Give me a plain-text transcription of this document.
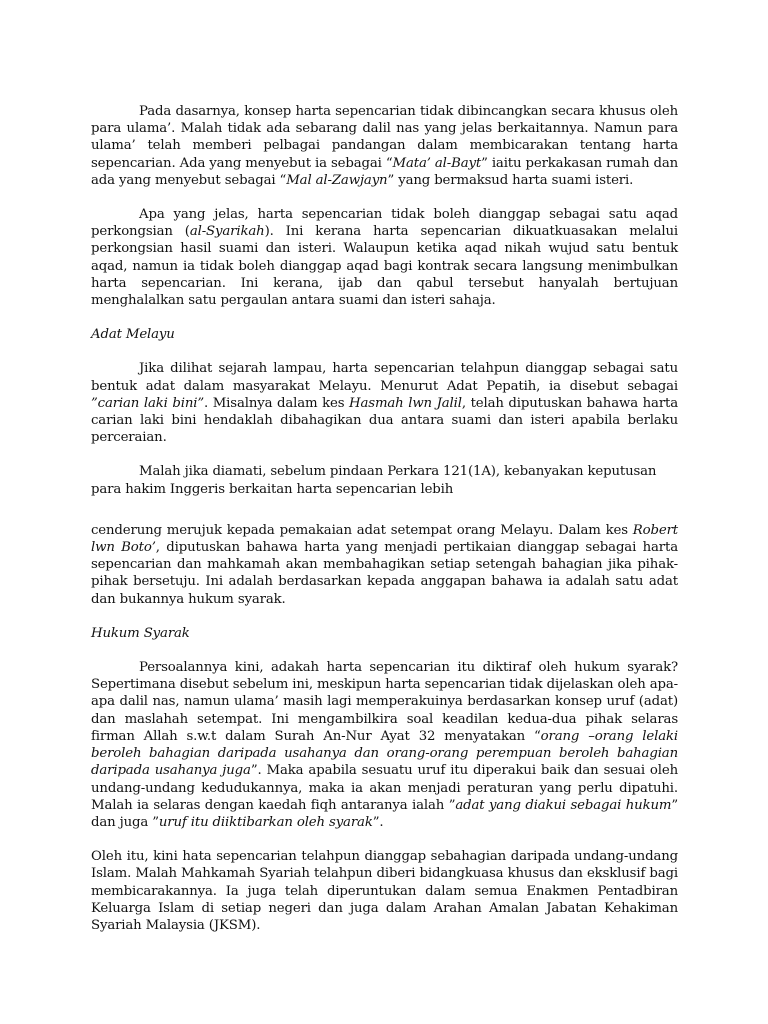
Pada dasarnya, konsep harta sepencarian tidak dibincangkan secara khusus oleh para ulama’. Malah tidak ada sebarang dalil nas yang jelas berkaitannya. Namun para ulama’ telah memberi pelbagai pandangan dalam membicarakan tentang harta sepencarian. Ada yang menyebut ia sebagai “Mata’ al-Bayt” iaitu perkakasan rumah dan ada yang menyebut sebagai “Mal al-Zawjayn” yang bermaksud harta suami isteri.

Apa yang jelas, harta sepencarian tidak boleh dianggap sebagai satu aqad perkongsian (al-Syarikah). Ini kerana harta sepencarian dikuatkuasakan melalui perkongsian hasil suami dan isteri. Walaupun ketika aqad nikah wujud satu bentuk aqad, namun ia tidak boleh dianggap aqad bagi kontrak secara langsung menimbulkan harta sepencarian. Ini kerana, ijab dan qabul tersebut hanyalah bertujuan menghalalkan satu pergaulan antara suami dan isteri sahaja.

Adat Melayu

Jika dilihat sejarah lampau, harta sepencarian telahpun dianggap sebagai satu bentuk adat dalam masyarakat Melayu. Menurut Adat Pepatih, ia disebut sebagai ”carian laki bini”. Misalnya dalam kes Hasmah lwn Jalil, telah diputuskan bahawa harta carian laki bini hendaklah dibahagikan dua antara suami dan isteri apabila berlaku perceraian.

Malah jika diamati, sebelum pindaan Perkara 121(1A), kebanyakan keputusan para hakim Inggeris berkaitan harta sepencarian lebih

cenderung merujuk kepada pemakaian adat setempat orang Melayu. Dalam kes Robert lwn Boto’, diputuskan bahawa harta yang menjadi pertikaian dianggap sebagai harta sepencarian dan mahkamah akan membahagikan setiap setengah bahagian jika pihak-pihak bersetuju. Ini adalah berdasarkan kepada anggapan bahawa ia adalah satu adat dan bukannya hukum syarak.

Hukum Syarak

Persoalannya kini, adakah harta sepencarian itu diktiraf oleh hukum syarak? Sepertimana disebut sebelum ini, meskipun harta sepencarian tidak dijelaskan oleh apa-apa dalil nas, namun ulama’ masih lagi memperakuinya berdasarkan konsep uruf (adat) dan maslahah setempat. Ini mengambilkira soal keadilan kedua-dua pihak selaras firman Allah s.w.t dalam Surah An-Nur Ayat 32 menyatakan “orang –orang lelaki beroleh bahagian daripada usahanya dan orang-orang perempuan beroleh bahagian daripada usahanya juga”. Maka apabila sesuatu uruf itu diperakui baik dan sesuai oleh undang-undang kedudukannya, maka ia akan menjadi peraturan yang perlu dipatuhi. Malah ia selaras dengan kaedah fiqh antaranya ialah ”adat yang diakui sebagai hukum” dan juga ”uruf itu diiktibarkan oleh syarak”.

Oleh itu, kini hata sepencarian telahpun dianggap sebahagian daripada undang-undang Islam. Malah Mahkamah Syariah telahpun diberi bidangkuasa khusus dan eksklusif bagi membicarakannya. Ia juga telah diperuntukan dalam semua Enakmen Pentadbiran Keluarga Islam di setiap negeri dan juga dalam Arahan Amalan Jabatan Kehakiman Syariah Malaysia (JKSM).
